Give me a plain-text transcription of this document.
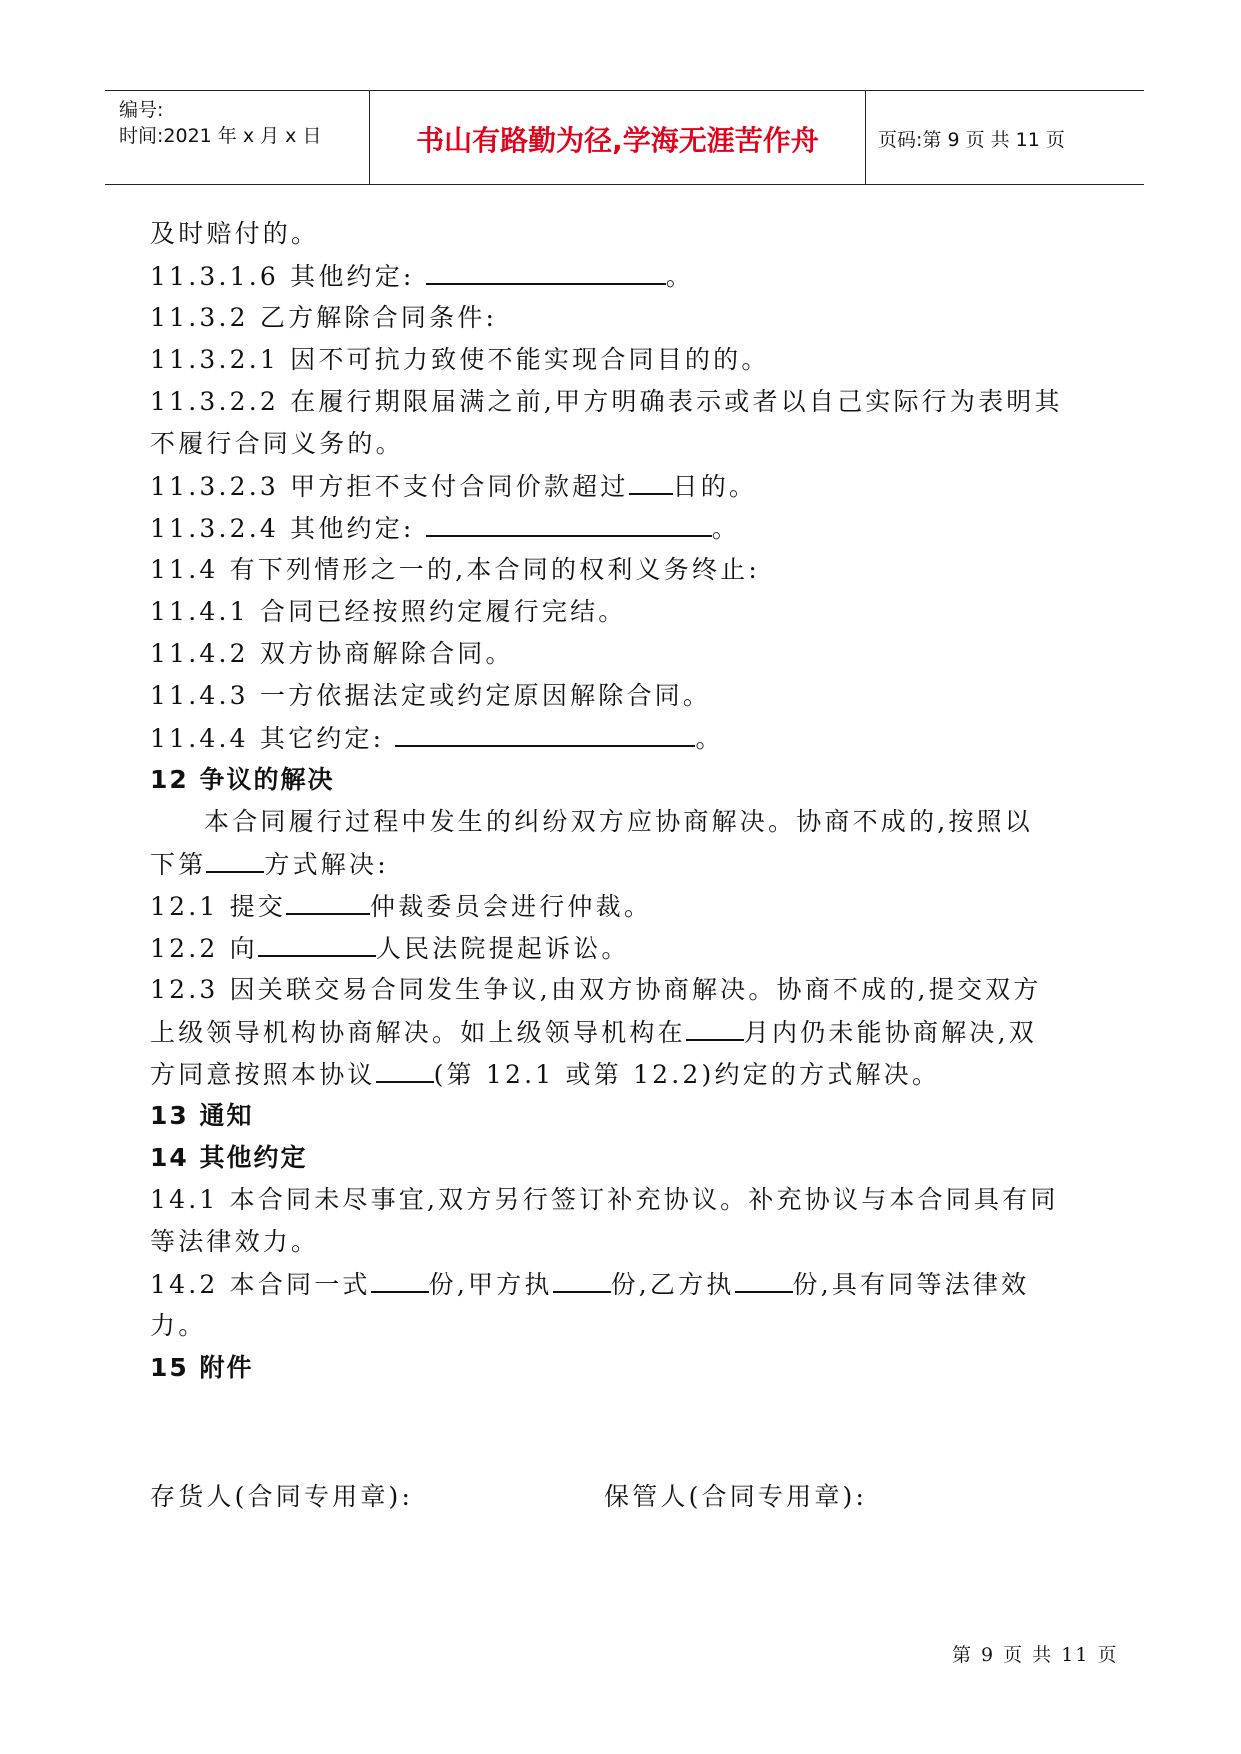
编号:
时间:2021 年 x 月 x 日	书山有路勤为径,学海无涯苦作舟	页码:第 9 页 共 11 页
及时赔付的。
11.3.1.6 其他约定:	。
11.3.2 乙方解除合同条件:
11.3.2.1 因不可抗力致使不能实现合同目的的。
11.3.2.2 在履行期限届满之前,甲方明确表示或者以自己实际行为表明其
不履行合同义务的。
11.3.2.3 甲方拒不支付合同价款超过 日的。
11.3.2.4 其他约定:	。
11.4 有下列情形之一的,本合同的权利义务终止:
11.4.1 合同已经按照约定履行完结。
11.4.2 双方协商解除合同。
11.4.3 一方依据法定或约定原因解除合同。
11.4.4 其它约定:	。
12 争议的解决
本合同履行过程中发生的纠纷双方应协商解决。协商不成的,按照以
下第 方式解决:
12.1 提交	仲裁委员会进行仲裁。
12.2 向	人民法院提起诉讼。
12.3 因关联交易合同发生争议,由双方协商解决。协商不成的,提交双方
上级领导机构协商解决。如上级领导机构在 月内仍未能协商解决,双
方同意按照本协议 (第 12.1 或第 12.2)约定的方式解决。
13 通知
14 其他约定
14.1 本合同未尽事宜,双方另行签订补充协议。补充协议与本合同具有同
等法律效力。
14.2 本合同一式 份,甲方执 份,乙方执 份,具有同等法律效
力。
15 附件
存货人(合同专用章):	保管人(合同专用章):
第 9 页 共 11 页
